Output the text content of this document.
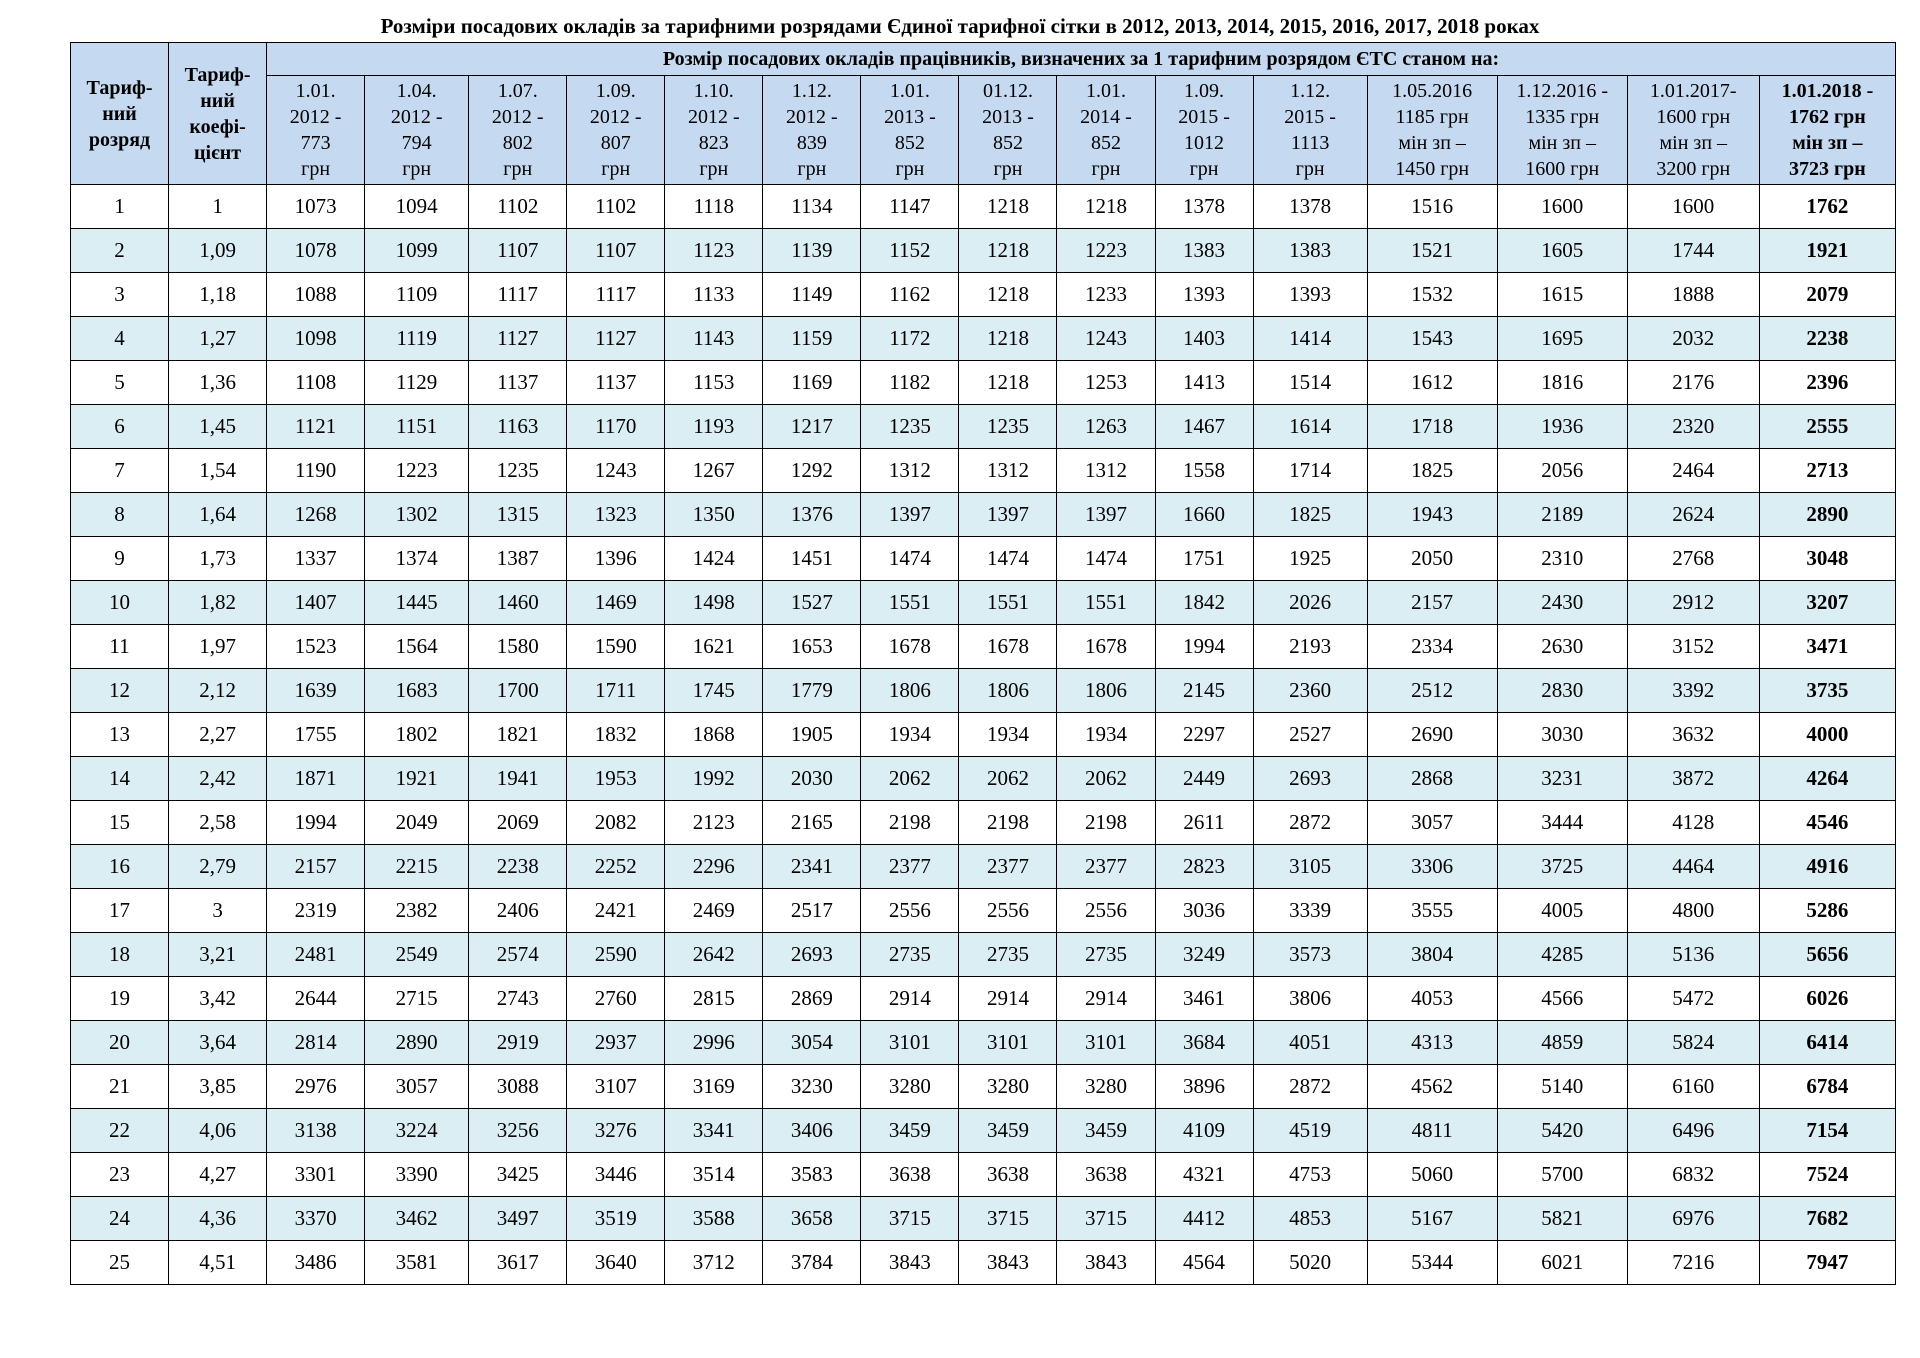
Розміри посадових окладів за тарифними розрядами Єдиної тарифної сітки в 2012, 2013, 2014, 2015, 2016, 2017, 2018 роках
Тариф-
ний
розряд	Тариф-
ний
коефі-
цієнт	Розмір посадових окладів працівників, визначених за 1 тарифним розрядом ЄТС станом на:														
		1.01.
2012 -
773
грн	1.04.
2012 -
794
грн	1.07.
2012 -
802
грн	1.09.
2012 -
807
грн	1.10.
2012 -
823
грн	1.12.
2012 -
839
грн	1.01.
2013 -
852
грн	01.12.
2013 -
852
грн	1.01.
2014 -
852
грн	1.09.
2015 -
1012
грн	1.12.
2015 -
1113
грн	1.05.2016
1185 грн
мін зп –
1450 грн	1.12.2016 -
1335 грн
мін зп –
1600 грн	1.01.2017-
1600 грн
мін зп –
3200 грн	1.01.2018 -
1762 грн
мін зп –
3723 грн
1	1	1073	1094	1102	1102	1118	1134	1147	1218	1218	1378	1378	1516	1600	1600	1762
2	1,09	1078	1099	1107	1107	1123	1139	1152	1218	1223	1383	1383	1521	1605	1744	1921
3	1,18	1088	1109	1117	1117	1133	1149	1162	1218	1233	1393	1393	1532	1615	1888	2079
4	1,27	1098	1119	1127	1127	1143	1159	1172	1218	1243	1403	1414	1543	1695	2032	2238
5	1,36	1108	1129	1137	1137	1153	1169	1182	1218	1253	1413	1514	1612	1816	2176	2396
6	1,45	1121	1151	1163	1170	1193	1217	1235	1235	1263	1467	1614	1718	1936	2320	2555
7	1,54	1190	1223	1235	1243	1267	1292	1312	1312	1312	1558	1714	1825	2056	2464	2713
8	1,64	1268	1302	1315	1323	1350	1376	1397	1397	1397	1660	1825	1943	2189	2624	2890
9	1,73	1337	1374	1387	1396	1424	1451	1474	1474	1474	1751	1925	2050	2310	2768	3048
10	1,82	1407	1445	1460	1469	1498	1527	1551	1551	1551	1842	2026	2157	2430	2912	3207
11	1,97	1523	1564	1580	1590	1621	1653	1678	1678	1678	1994	2193	2334	2630	3152	3471
12	2,12	1639	1683	1700	1711	1745	1779	1806	1806	1806	2145	2360	2512	2830	3392	3735
13	2,27	1755	1802	1821	1832	1868	1905	1934	1934	1934	2297	2527	2690	3030	3632	4000
14	2,42	1871	1921	1941	1953	1992	2030	2062	2062	2062	2449	2693	2868	3231	3872	4264
15	2,58	1994	2049	2069	2082	2123	2165	2198	2198	2198	2611	2872	3057	3444	4128	4546
16	2,79	2157	2215	2238	2252	2296	2341	2377	2377	2377	2823	3105	3306	3725	4464	4916
17	3	2319	2382	2406	2421	2469	2517	2556	2556	2556	3036	3339	3555	4005	4800	5286
18	3,21	2481	2549	2574	2590	2642	2693	2735	2735	2735	3249	3573	3804	4285	5136	5656
19	3,42	2644	2715	2743	2760	2815	2869	2914	2914	2914	3461	3806	4053	4566	5472	6026
20	3,64	2814	2890	2919	2937	2996	3054	3101	3101	3101	3684	4051	4313	4859	5824	6414
21	3,85	2976	3057	3088	3107	3169	3230	3280	3280	3280	3896	2872	4562	5140	6160	6784
22	4,06	3138	3224	3256	3276	3341	3406	3459	3459	3459	4109	4519	4811	5420	6496	7154
23	4,27	3301	3390	3425	3446	3514	3583	3638	3638	3638	4321	4753	5060	5700	6832	7524
24	4,36	3370	3462	3497	3519	3588	3658	3715	3715	3715	4412	4853	5167	5821	6976	7682
25	4,51	3486	3581	3617	3640	3712	3784	3843	3843	3843	4564	5020	5344	6021	7216	7947
